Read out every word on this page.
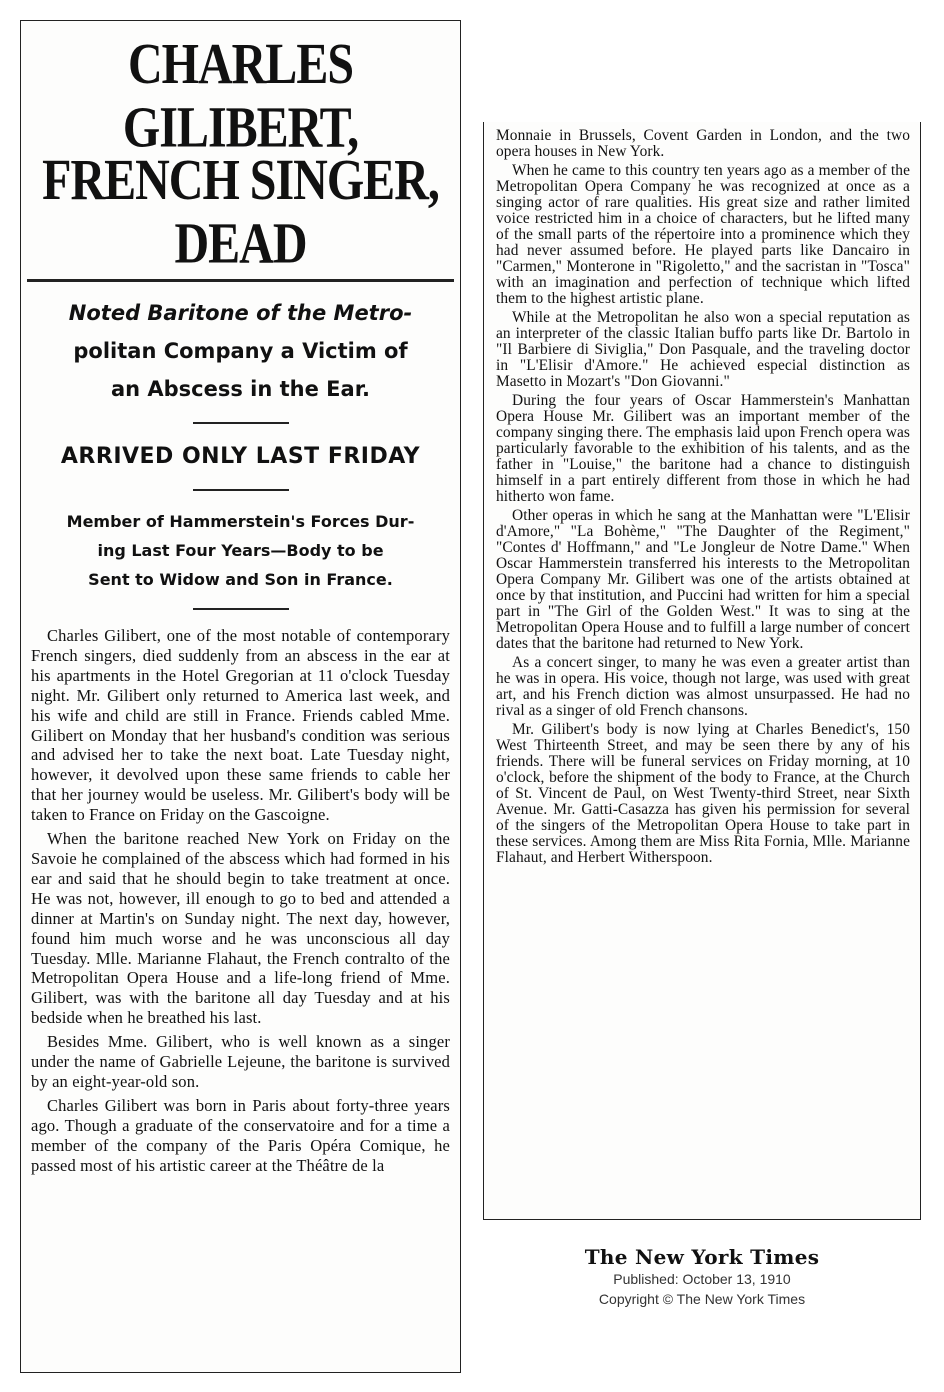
CHARLES GILIBERT,
FRENCH SINGER, DEAD
Noted Baritone of the Metro-
politan Company a Victim of
an Abscess in the Ear.
ARRIVED ONLY LAST FRIDAY
Member of Hammerstein's Forces Dur-
ing Last Four Years—Body to be
Sent to Widow and Son in France.

Charles Gilibert, one of the most notable of contemporary French singers, died suddenly from an abscess in the ear at his apartments in the Hotel Gregorian at 11 o'clock Tuesday night. Mr. Gilibert only returned to America last week, and his wife and child are still in France. Friends cabled Mme. Gilibert on Monday that her husband's condition was serious and advised her to take the next boat. Late Tuesday night, however, it devolved upon these same friends to cable her that her journey would be useless. Mr. Gilibert's body will be taken to France on Friday on the Gascoigne.

When the baritone reached New York on Friday on the Savoie he complained of the abscess which had formed in his ear and said that he should begin to take treatment at once. He was not, however, ill enough to go to bed and attended a dinner at Martin's on Sunday night. The next day, however, found him much worse and he was unconscious all day Tuesday. Mlle. Marianne Flahaut, the French contralto of the Metropolitan Opera House and a life-long friend of Mme. Gilibert, was with the baritone all day Tuesday and at his bedside when he breathed his last.

Besides Mme. Gilibert, who is well known as a singer under the name of Gabrielle Lejeune, the baritone is survived by an eight-year-old son.

Charles Gilibert was born in Paris about forty-three years ago. Though a graduate of the conservatoire and for a time a member of the company of the Paris Opéra Comique, he passed most of his artistic career at the Théâtre de la

Monnaie in Brussels, Covent Garden in London, and the two opera houses in New York.

When he came to this country ten years ago as a member of the Metropolitan Opera Company he was recognized at once as a singing actor of rare qualities. His great size and rather limited voice restricted him in a choice of characters, but he lifted many of the small parts of the répertoire into a prominence which they had never assumed before. He played parts like Dancairo in "Carmen," Monterone in "Rigoletto," and the sacristan in "Tosca" with an imagination and perfection of technique which lifted them to the highest artistic plane.

While at the Metropolitan he also won a special reputation as an interpreter of the classic Italian buffo parts like Dr. Bartolo in "Il Barbiere di Siviglia," Don Pasquale, and the traveling doctor in "L'Elisir d'Amore." He achieved especial distinction as Masetto in Mozart's "Don Giovanni."

During the four years of Oscar Hammerstein's Manhattan Opera House Mr. Gilibert was an important member of the company singing there. The emphasis laid upon French opera was particularly favorable to the exhibition of his talents, and as the father in "Louise," the baritone had a chance to distinguish himself in a part entirely different from those in which he had hitherto won fame.

Other operas in which he sang at the Manhattan were "L'Elisir d'Amore," "La Bohème," "The Daughter of the Regiment," "Contes d' Hoffmann," and "Le Jongleur de Notre Dame." When Oscar Hammerstein transferred his interests to the Metropolitan Opera Company Mr. Gilibert was one of the artists obtained at once by that institution, and Puccini had written for him a special part in "The Girl of the Golden West." It was to sing at the Metropolitan Opera House and to fulfill a large number of concert dates that the baritone had returned to New York.

As a concert singer, to many he was even a greater artist than he was in opera. His voice, though not large, was used with great art, and his French diction was almost unsurpassed. He had no rival as a singer of old French chansons.

Mr. Gilibert's body is now lying at Charles Benedict's, 150 West Thirteenth Street, and may be seen there by any of his friends. There will be funeral services on Friday morning, at 10 o'clock, before the shipment of the body to France, at the Church of St. Vincent de Paul, on West Twenty-third Street, near Sixth Avenue. Mr. Gatti-Casazza has given his permission for several of the singers of the Metropolitan Opera House to take part in these services. Among them are Miss Rita Fornia, Mlle. Marianne Flahaut, and Herbert Witherspoon.

The New York Times
Published: October 13, 1910
Copyright © The New York Times
